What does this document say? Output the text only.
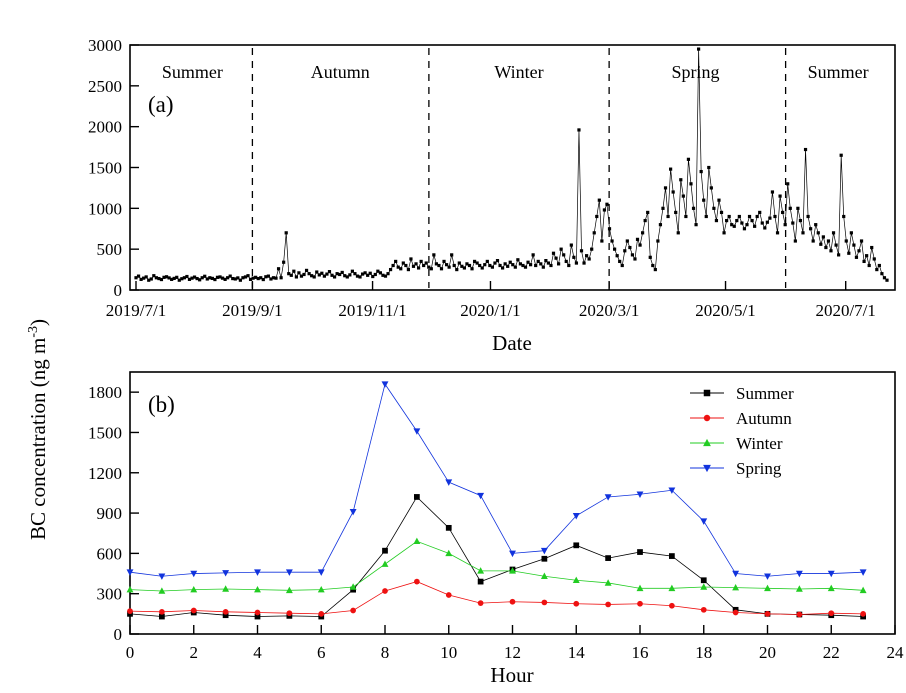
BC concentration (ng $m^{-3}$)
0
500
1000
1500
2000
2500
3000
2019/7/1	2019/9/1	2019/11/1	2020/1/1	2020/3/1	2020/5/1	2020/7/1
Summer	Autumn	Winter	Spring	Summer
(a)
Date
0
300
600
900
1200
1500
1800
0	2	4	6	8	10	12	14	16	18	20	22	24
Summer
Autumn
Winter
Spring
(b)
Hour
